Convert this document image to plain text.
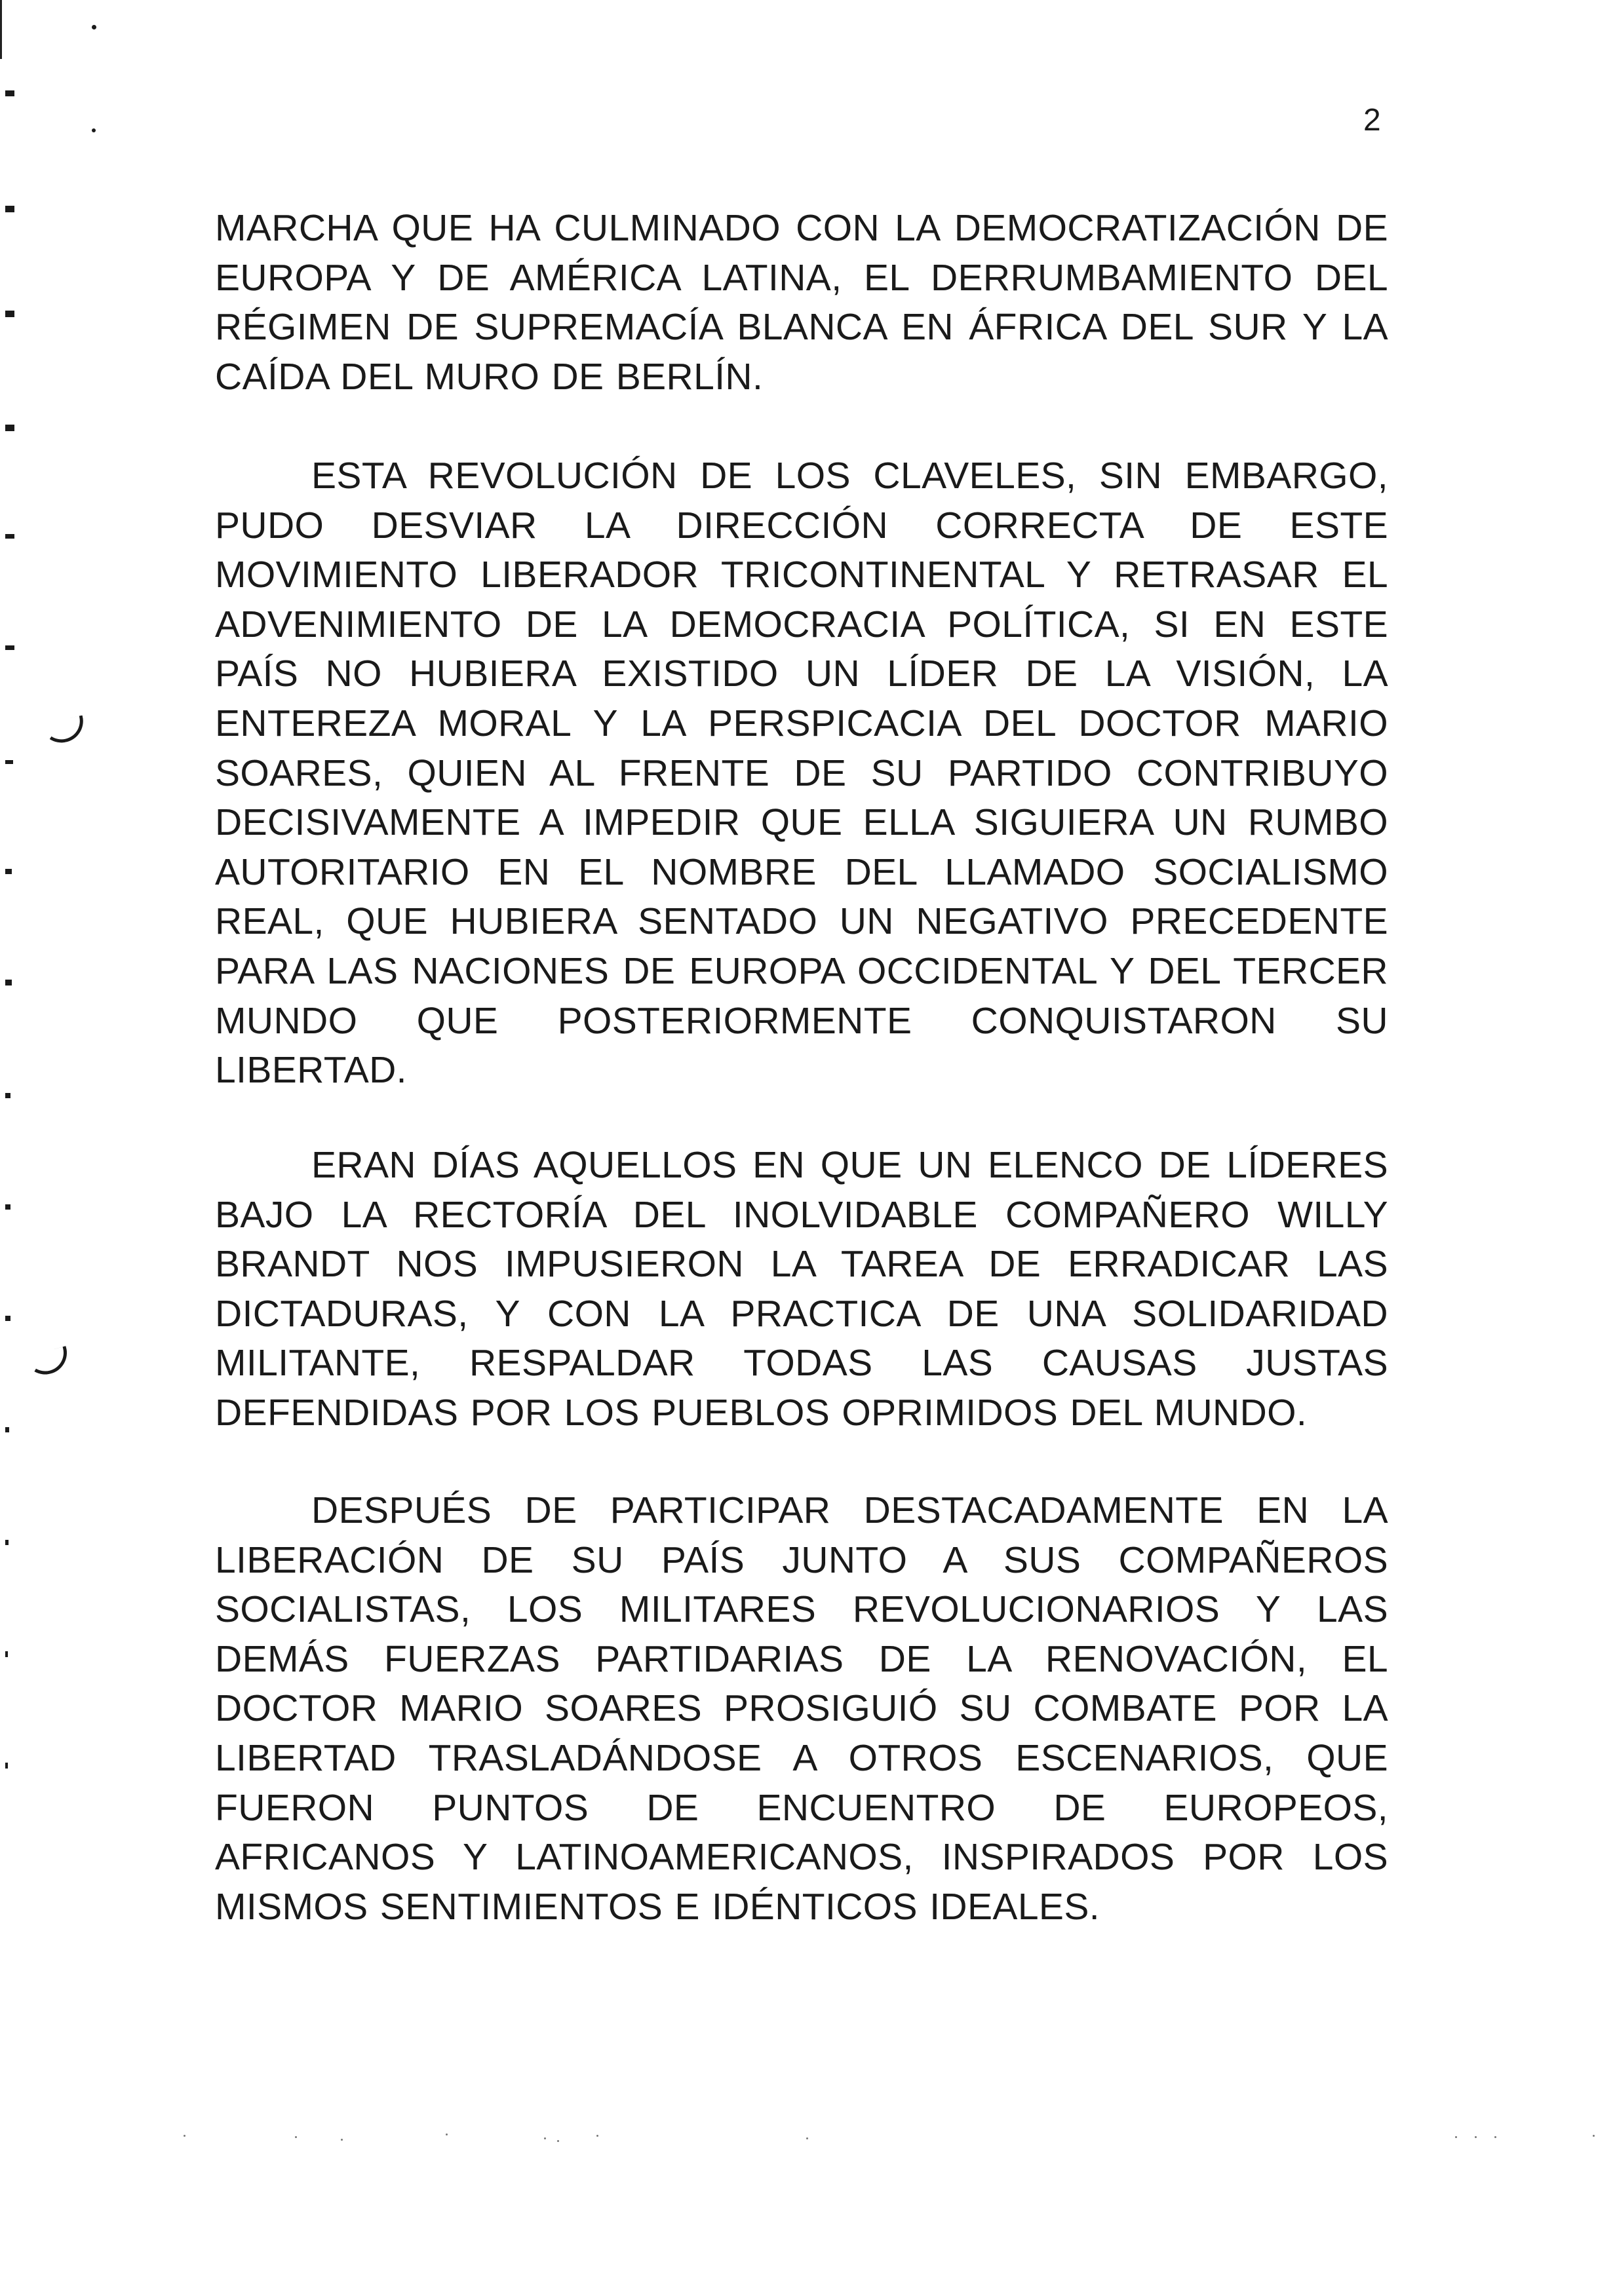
2

MARCHA QUE HA CULMINADO CON LA DEMOCRATIZACIÓN DE EUROPA Y DE AMÉRICA LATINA, EL DERRUMBAMIENTO DEL RÉGIMEN DE SUPREMACÍA BLANCA EN ÁFRICA DEL SUR Y LA CAÍDA DEL MURO DE BERLÍN.

ESTA REVOLUCIÓN DE LOS CLAVELES, SIN EMBARGO, PUDO DESVIAR LA DIRECCIÓN CORRECTA DE ESTE MOVIMIENTO LIBERADOR TRICONTINENTAL Y RETRASAR EL ADVENIMIENTO DE LA DEMOCRACIA POLÍTICA, SI EN ESTE PAÍS NO HUBIERA EXISTIDO UN LÍDER DE LA VISIÓN, LA ENTEREZA MORAL Y LA PERSPICACIA DEL DOCTOR MARIO SOARES, QUIEN AL FRENTE DE SU PARTIDO CONTRIBUYO DECISIVAMENTE A IMPEDIR QUE ELLA SIGUIERA UN RUMBO AUTORITARIO EN EL NOMBRE DEL LLAMADO SOCIALISMO REAL, QUE HUBIERA SENTADO UN NEGATIVO PRECEDENTE PARA LAS NACIONES DE EUROPA OCCIDENTAL Y DEL TERCER MUNDO QUE POSTERIORMENTE CONQUISTARON SU LIBERTAD.

ERAN DÍAS AQUELLOS EN QUE UN ELENCO DE LÍDERES BAJO LA RECTORÍA DEL INOLVIDABLE COMPAÑERO WILLY BRANDT NOS IMPUSIERON LA TAREA DE ERRADICAR LAS DICTADURAS, Y CON LA PRACTICA DE UNA SOLIDARIDAD MILITANTE, RESPALDAR TODAS LAS CAUSAS JUSTAS DEFENDIDAS POR LOS PUEBLOS OPRIMIDOS DEL MUNDO.

DESPUÉS DE PARTICIPAR DESTACADAMENTE EN LA LIBERACIÓN DE SU PAÍS JUNTO A SUS COMPAÑEROS SOCIALISTAS, LOS MILITARES REVOLUCIONARIOS Y LAS DEMÁS FUERZAS PARTIDARIAS DE LA RENOVACIÓN, EL DOCTOR MARIO SOARES PROSIGUIÓ SU COMBATE POR LA LIBERTAD TRASLADÁNDOSE A OTROS ESCENARIOS, QUE FUERON PUNTOS DE ENCUENTRO DE EUROPEOS, AFRICANOS Y LATINOAMERICANOS, INSPIRADOS POR LOS MISMOS SENTIMIENTOS E IDÉNTICOS IDEALES.
